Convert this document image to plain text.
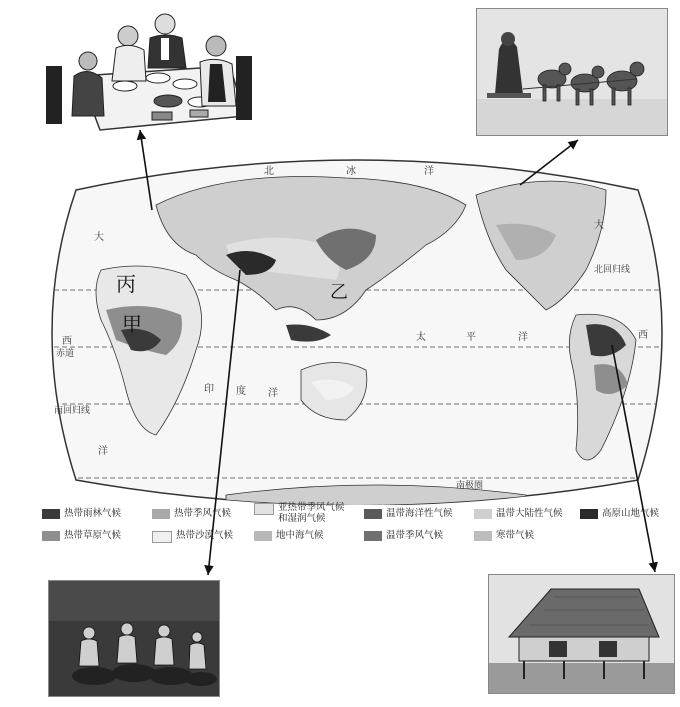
丙
甲
乙
北	冰	洋
大
西
洋
大
西
印 度 洋
太	平	洋
北回归线
赤道
南回归线
南极圈
热带雨林气候	热带季风气候
亚热带季风气候
和湿润气候	温带海洋性气候	温带大陆性气候	高原山地气候
热带草原气候	热带沙漠气候	地中海气候	温带季风气候	寒带气候
